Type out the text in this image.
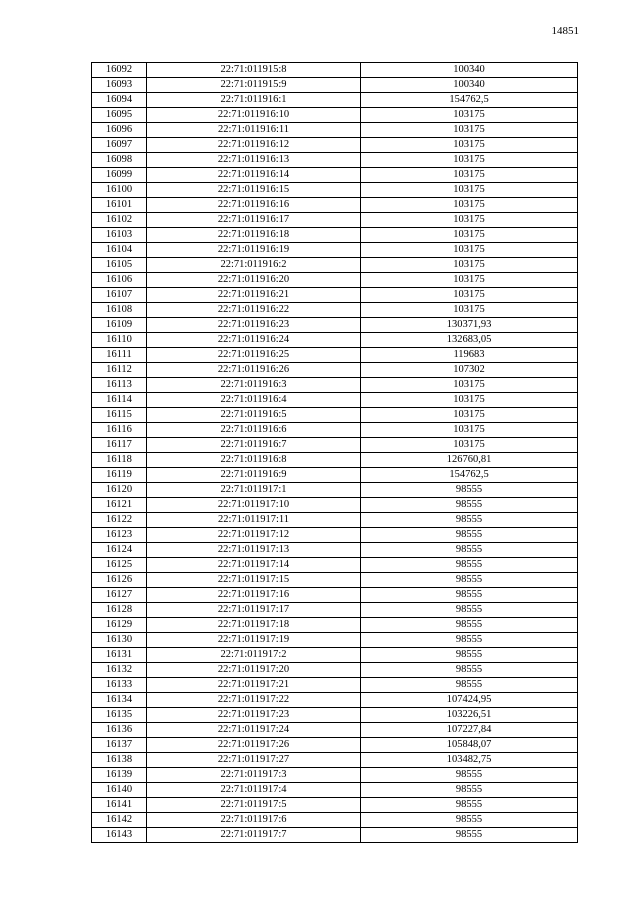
14851
16092	22:71:011915:8	100340
16093	22:71:011915:9	100340
16094	22:71:011916:1	154762,5
16095	22:71:011916:10	103175
16096	22:71:011916:11	103175
16097	22:71:011916:12	103175
16098	22:71:011916:13	103175
16099	22:71:011916:14	103175
16100	22:71:011916:15	103175
16101	22:71:011916:16	103175
16102	22:71:011916:17	103175
16103	22:71:011916:18	103175
16104	22:71:011916:19	103175
16105	22:71:011916:2	103175
16106	22:71:011916:20	103175
16107	22:71:011916:21	103175
16108	22:71:011916:22	103175
16109	22:71:011916:23	130371,93
16110	22:71:011916:24	132683,05
16111	22:71:011916:25	119683
16112	22:71:011916:26	107302
16113	22:71:011916:3	103175
16114	22:71:011916:4	103175
16115	22:71:011916:5	103175
16116	22:71:011916:6	103175
16117	22:71:011916:7	103175
16118	22:71:011916:8	126760,81
16119	22:71:011916:9	154762,5
16120	22:71:011917:1	98555
16121	22:71:011917:10	98555
16122	22:71:011917:11	98555
16123	22:71:011917:12	98555
16124	22:71:011917:13	98555
16125	22:71:011917:14	98555
16126	22:71:011917:15	98555
16127	22:71:011917:16	98555
16128	22:71:011917:17	98555
16129	22:71:011917:18	98555
16130	22:71:011917:19	98555
16131	22:71:011917:2	98555
16132	22:71:011917:20	98555
16133	22:71:011917:21	98555
16134	22:71:011917:22	107424,95
16135	22:71:011917:23	103226,51
16136	22:71:011917:24	107227,84
16137	22:71:011917:26	105848,07
16138	22:71:011917:27	103482,75
16139	22:71:011917:3	98555
16140	22:71:011917:4	98555
16141	22:71:011917:5	98555
16142	22:71:011917:6	98555
16143	22:71:011917:7	98555
